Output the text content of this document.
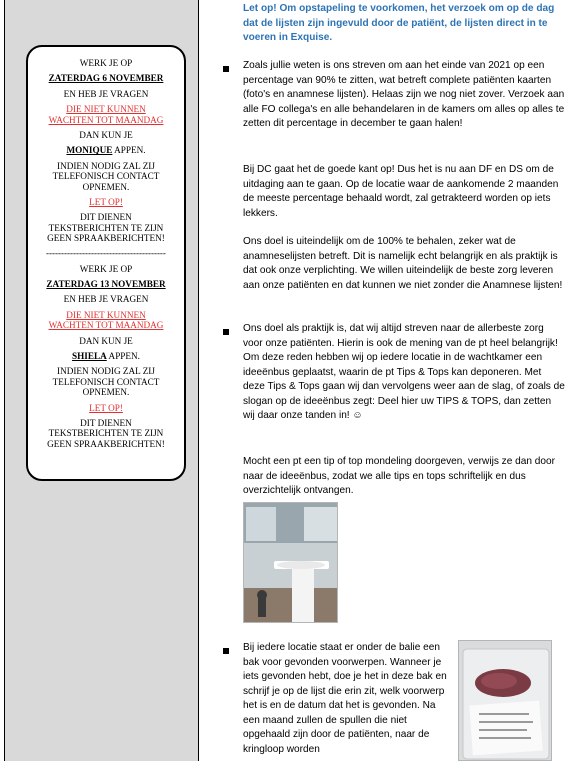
WERK JE OP

ZATERDAG 6 NOVEMBER

EN HEB JE VRAGEN

DIE NIET KUNNEN
WACHTEN TOT MAANDAG

DAN KUN JE

MONIQUE APPEN.

INDIEN NODIG ZAL ZIJ
TELEFONISCH CONTACT
OPNEMEN.

LET OP!

DIT DIENEN
TEKSTBERICHTEN TE ZIJN
GEEN SPRAAKBERICHTEN!

----------------------------------------

WERK JE OP

ZATERDAG 13 NOVEMBER

EN HEB JE VRAGEN

DIE NIET KUNNEN
WACHTEN TOT MAANDAG

DAN KUN JE

SHIELA APPEN.

INDIEN NODIG ZAL ZIJ
TELEFONISCH CONTACT
OPNEMEN.

LET OP!

DIT DIENEN
TEKSTBERICHTEN TE ZIJN
GEEN SPRAAKBERICHTEN!

Let op! Om opstapeling te voorkomen, het verzoek om op de dag dat de lijsten zijn ingevuld door de patiënt, de lijsten direct in te voeren in Exquise.
Zoals jullie weten is ons streven om aan het einde van 2021 op een percentage van 90% te zitten, wat betreft complete patiënten kaarten (foto's en anamnese lijsten). Helaas zijn we nog niet zover. Verzoek aan alle FO collega's en alle behandelaren in de kamers om alles op alles te zetten dit percentage in december te gaan halen!
Bij DC gaat het de goede kant op! Dus het is nu aan DF en DS om de uitdaging aan te gaan. Op de locatie waar de aankomende 2 maanden de meeste percentage behaald wordt, zal getrakteerd worden op iets lekkers.
Ons doel is uiteindelijk om de 100% te behalen, zeker wat de anamneselijsten betreft. Dit is namelijk echt belangrijk en als praktijk is dat ook onze verplichting. We willen uiteindelijk de beste zorg leveren aan onze patiënten en dat kunnen we niet zonder die Anamnese lijsten!
Ons doel als praktijk is, dat wij altijd streven naar de allerbeste zorg voor onze patiënten. Hierin is ook de mening van de pt heel belangrijk! Om deze reden hebben wij op iedere locatie in de wachtkamer een ideeënbus geplaatst, waarin de pt Tips & Tops kan deponeren. Met deze Tips & Tops gaan wij dan vervolgens weer aan de slag, of zoals de slogan op de ideeënbus zegt: Deel hier uw TIPS & TOPS, dan zetten wij daar onze tanden in! ☺
Mocht een pt een tip of top mondeling doorgeven, verwijs ze dan door naar de ideeënbus, zodat we alle tips en tops schriftelijk en dus overzichtelijk ontvangen.
Bij iedere locatie staat er onder de balie een bak voor gevonden voorwerpen. Wanneer je iets gevonden hebt, doe je het in deze bak en schrijf je op de lijst die erin zit, welk voorwerp het is en de datum dat het is gevonden. Na een maand zullen de spullen die niet opgehaald zijn door de patiënten, naar de kringloop worden
